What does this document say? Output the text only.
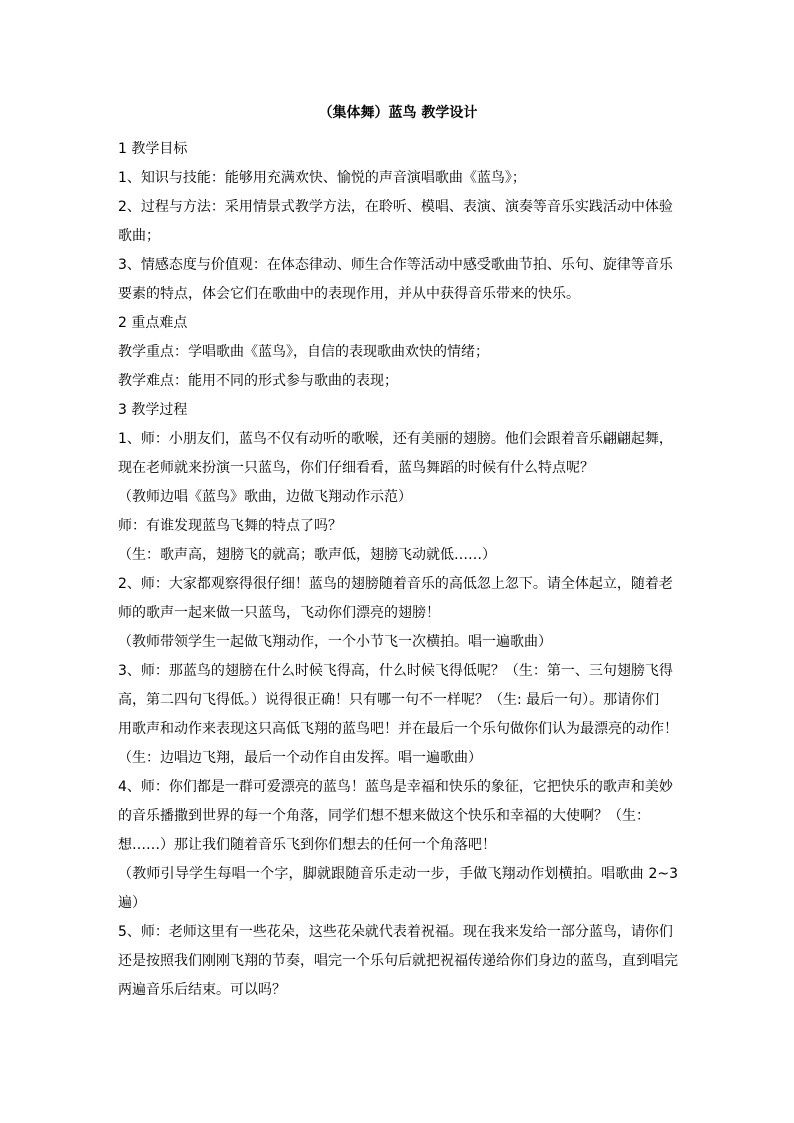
（集体舞）蓝鸟 教学设计

1 教学目标

1、知识与技能：能够用充满欢快、愉悦的声音演唱歌曲《蓝鸟》；

2、过程与方法：采用情景式教学方法，在聆听、模唱、表演、演奏等音乐实践活动中体验
歌曲；

3、情感态度与价值观：在体态律动、师生合作等活动中感受歌曲节拍、乐句、旋律等音乐
要素的特点，体会它们在歌曲中的表现作用，并从中获得音乐带来的快乐。

2 重点难点

教学重点：学唱歌曲《蓝鸟》，自信的表现歌曲欢快的情绪；

教学难点：能用不同的形式参与歌曲的表现；

3 教学过程

1、师：小朋友们，蓝鸟不仅有动听的歌喉，还有美丽的翅膀。他们会跟着音乐翩翩起舞，
现在老师就来扮演一只蓝鸟，你们仔细看看，蓝鸟舞蹈的时候有什么特点呢？

（教师边唱《蓝鸟》歌曲，边做飞翔动作示范）

师：有谁发现蓝鸟飞舞的特点了吗？

（生：歌声高，翅膀飞的就高；歌声低，翅膀飞动就低……）

2、师：大家都观察得很仔细！蓝鸟的翅膀随着音乐的高低忽上忽下。请全体起立，随着老
师的歌声一起来做一只蓝鸟，飞动你们漂亮的翅膀！

（教师带领学生一起做飞翔动作，一个小节飞一次横拍。唱一遍歌曲）

3、师：那蓝鸟的翅膀在什么时候飞得高，什么时候飞得低呢？（生：第一、三句翅膀飞得
高，第二四句飞得低。）说得很正确！只有哪一句不一样呢？（生: 最后一句）。那请你们
用歌声和动作来表现这只高低飞翔的蓝鸟吧！并在最后一个乐句做你们认为最漂亮的动作！

（生：边唱边飞翔，最后一个动作自由发挥。唱一遍歌曲）

4、师：你们都是一群可爱漂亮的蓝鸟！蓝鸟是幸福和快乐的象征，它把快乐的歌声和美妙
的音乐播撒到世界的每一个角落，同学们想不想来做这个快乐和幸福的大使啊？（生：
想……）那让我们随着音乐飞到你们想去的任何一个角落吧！

（教师引导学生每唱一个字，脚就跟随音乐走动一步，手做飞翔动作划横拍。唱歌曲 2~3 遍）

5、师：老师这里有一些花朵，这些花朵就代表着祝福。现在我来发给一部分蓝鸟，请你们
还是按照我们刚刚飞翔的节奏，唱完一个乐句后就把祝福传递给你们身边的蓝鸟，直到唱完
两遍音乐后结束。可以吗？
